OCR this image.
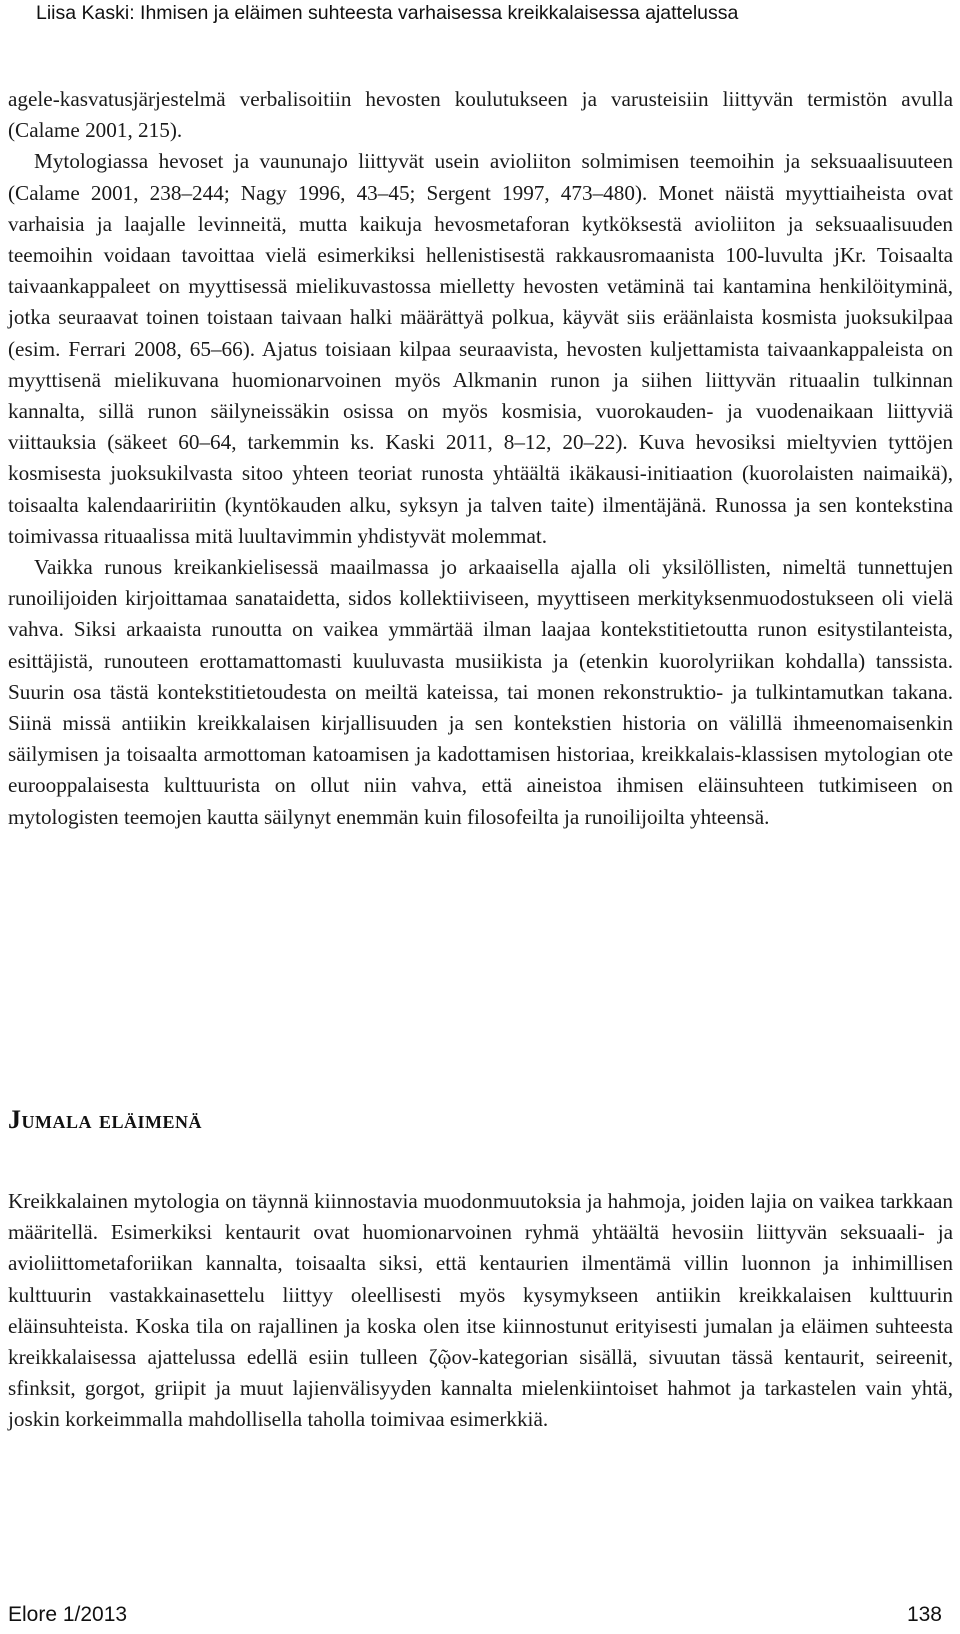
Liisa Kaski: Ihmisen ja eläimen suhteesta varhaisessa kreikkalaisessa ajattelussa

agele-kasvatusjärjestelmä verbalisoitiin hevosten koulutukseen ja varusteisiin liittyvän termistön avulla (Calame 2001, 215).

Mytologiassa hevoset ja vaununajo liittyvät usein avioliiton solmimisen teemoihin ja seksuaalisuuteen (Calame 2001, 238–244; Nagy 1996, 43–45; Sergent 1997, 473–480). Monet näistä myyttiaiheista ovat varhaisia ja laajalle levinneitä, mutta kaikuja hevosmetaforan kytköksestä avioliiton ja seksuaalisuuden teemoihin voidaan tavoittaa vielä esimerkiksi hellenistisestä rakkausromaanista 100-luvulta jKr. Toisaalta taivaankappaleet on myyttisessä mielikuvastossa mielletty hevosten vetäminä tai kantamina henkilöityminä, jotka seuraavat toinen toistaan taivaan halki määrättyä polkua, käyvät siis eräänlaista kosmista juoksukilpaa (esim. Ferrari 2008, 65–66). Ajatus toisiaan kilpaa seuraavista, hevosten kuljettamista taivaankappaleista on myyttisenä mielikuvana huomionarvoinen myös Alkmanin runon ja siihen liittyvän rituaalin tulkinnan kannalta, sillä runon säilyneissäkin osissa on myös kosmisia, vuorokauden- ja vuodenaikaan liittyviä viittauksia (säkeet 60–64, tarkemmin ks. Kaski 2011, 8–12, 20–22). Kuva hevosiksi mieltyvien tyttöjen kosmisesta juoksukilvasta sitoo yhteen teoriat runosta yhtäältä ikäkausi-initiaation (kuorolaisten naimaikä), toisaalta kalendaaririitin (kyntökauden alku, syksyn ja talven taite) ilmentäjänä. Runossa ja sen kontekstina toimivassa rituaalissa mitä luultavimmin yhdistyvät molemmat.

Vaikka runous kreikankielisessä maailmassa jo arkaaisella ajalla oli yksilöllisten, nimeltä tunnettujen runoilijoiden kirjoittamaa sanataidetta, sidos kollektiiviseen, myyttiseen merkityksenmuodostukseen oli vielä vahva. Siksi arkaaista runoutta on vaikea ymmärtää ilman laajaa kontekstitietoutta runon esitystilanteista, esittäjistä, runouteen erottamattomasti kuuluvasta musiikista ja (etenkin kuorolyriikan kohdalla) tanssista. Suurin osa tästä kontekstitietoudesta on meiltä kateissa, tai monen rekonstruktio- ja tulkintamutkan takana. Siinä missä antiikin kreikkalaisen kirjallisuuden ja sen kontekstien historia on välillä ihmeenomaisenkin säilymisen ja toisaalta armottoman katoamisen ja kadottamisen historiaa, kreikkalais-klassisen mytologian ote eurooppalaisesta kulttuurista on ollut niin vahva, että aineistoa ihmisen eläinsuhteen tutkimiseen on mytologisten teemojen kautta säilynyt enemmän kuin filosofeilta ja runoilijoilta yhteensä.

Jumala eläimenä

Kreikkalainen mytologia on täynnä kiinnostavia muodonmuutoksia ja hahmoja, joiden lajia on vaikea tarkkaan määritellä. Esimerkiksi kentaurit ovat huomionarvoinen ryhmä yhtäältä hevosiin liittyvän seksuaali- ja avioliittometaforiikan kannalta, toisaalta siksi, että kentaurien ilmentämä villin luonnon ja inhimillisen kulttuurin vastakkainasettelu liittyy oleellisesti myös kysymykseen antiikin kreikkalaisen kulttuurin eläinsuhteista. Koska tila on rajallinen ja koska olen itse kiinnostunut erityisesti jumalan ja eläimen suhteesta kreikkalaisessa ajattelussa edellä esiin tulleen ζῷον-kategorian sisällä, sivuutan tässä kentaurit, seireenit, sfinksit, gorgot, griipit ja muut lajienvälisyyden kannalta mielenkiintoiset hahmot ja tarkastelen vain yhtä, joskin korkeimmalla mahdollisella taholla toimivaa esimerkkiä.

Elore 1/2013	138
